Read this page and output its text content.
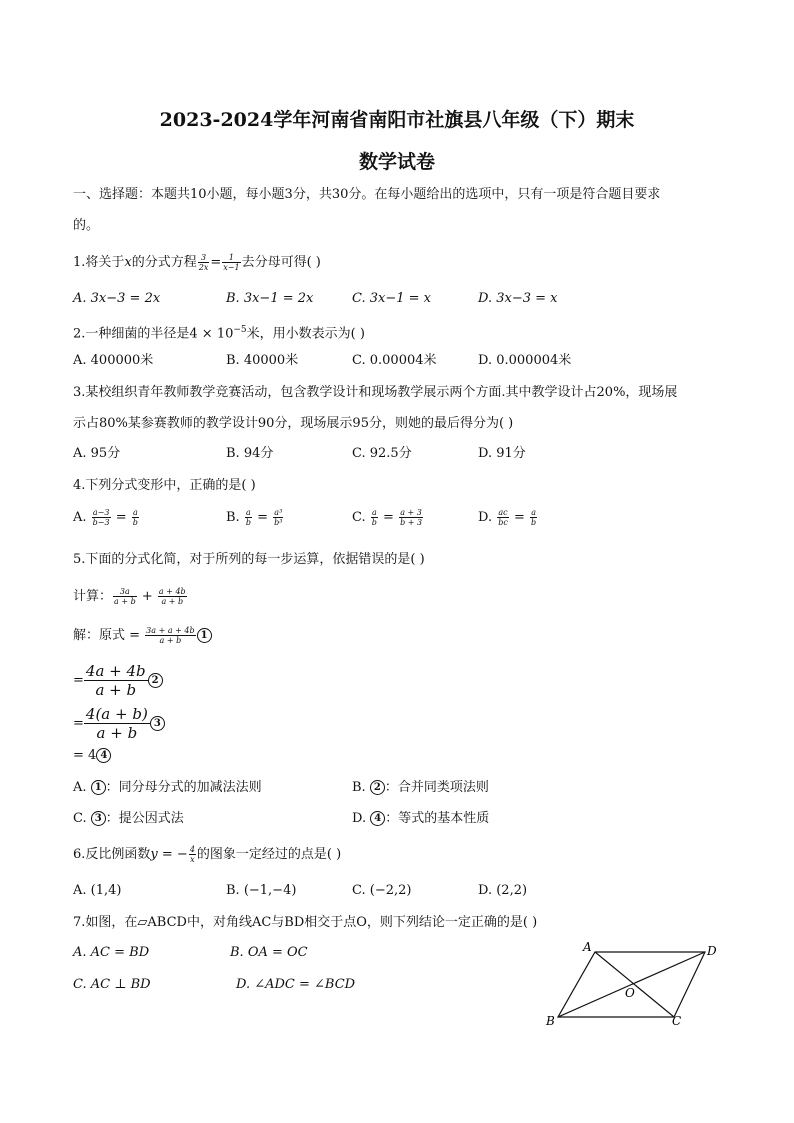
2023-2024学年河南省南阳市社旗县八年级（下）期末
数学试卷
一、选择题：本题共10小题，每小题3分，共30分。在每小题给出的选项中，只有一项是符合题目要求
的。
1.将关于x的分式方程 $\frac{3}{2x} = \frac{1}{x-1}$ 去分母可得( )
A. 3x−3 = 2x	B. 3x−1 = 2x	C. 3x−1 = x	D. 3x−3 = x
2.一种细菌的半径是$4 \times 10^{-5}$米，用小数表示为( )
A. 400000米	B. 40000米	C. 0.00004米	D. 0.000004米
3.某校组织青年教师教学竞赛活动，包含教学设计和现场教学展示两个方面.其中教学设计占20%，现场展
示占80%某参赛教师的教学设计90分，现场展示95分，则她的最后得分为( )
A. 95分	B. 94分	C. 92.5分	D. 91分
4.下列分式变形中，正确的是( )
A. $\frac{a-3}{b-3} = \frac{a}{b}$	B. $\frac{a}{b} = \frac{\text{a³}}{\text{b³}}$	C. $\frac{a}{b} = \frac{a + 3}{b + 3}$	D. $\frac{ac}{bc} = \frac{a}{b}$
5.下面的分式化简，对于所列的每一步运算，依据错误的是( )
计算： $\frac{3a}{a + b} + \frac{a + 4b}{a + b}$
解：原式 = $\frac{3a + a + 4b}{a + b} 1$
= $\frac{4a + 4b}{a + b} 2$
= $\frac{4(a + b)}{a + b} 3$
= 4 4
A. 1 ：同分母分式的加减法法则	B. 2 ：合并同类项法则
C. 3 ：提公因式法	D. 4 ：等式的基本性质
6.反比例函数y = − $\frac{4}{x}$ 的图象一定经过的点是( )
A. (1,4)	B. (−1,−4)	C. (−2,2)	D. (2,2)
7.如图，在▱ABCD中，对角线AC与BD相交于点O，则下列结论一定正确的是( )
A. AC = BD	B. OA = OC
C. AC ⊥ BD	D. ∠ADC = ∠BCD
A	D
B	C
O
